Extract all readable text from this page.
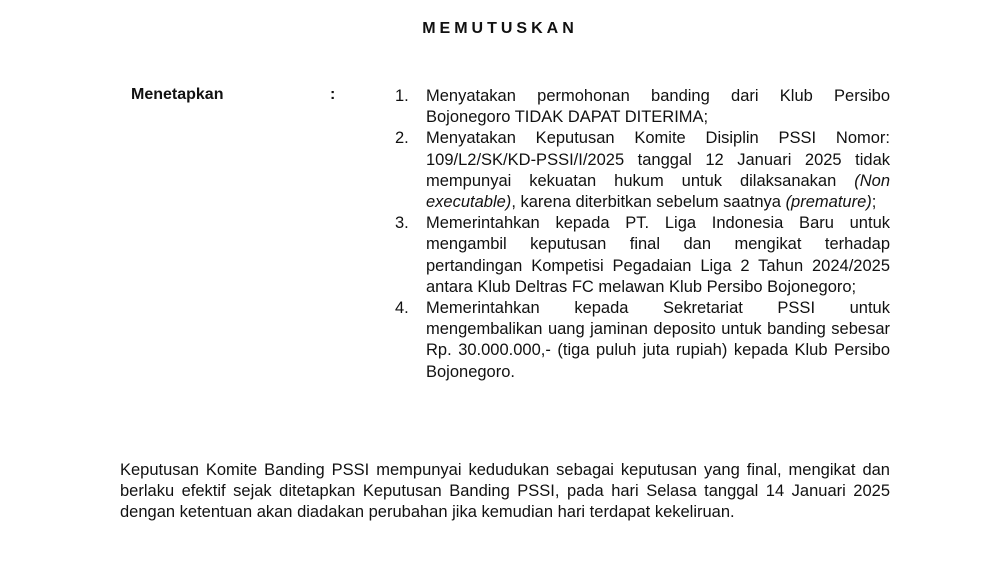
MEMUTUSKAN
Menetapkan	:	1. Menyatakan permohonan banding dari Klub Persibo Bojonegoro TIDAK DAPAT DITERIMA;
2. Menyatakan Keputusan Komite Disiplin PSSI Nomor: 109/L2/SK/KD-PSSI/I/2025 tanggal 12 Januari 2025 tidak mempunyai kekuatan hukum untuk dilaksanakan (Non executable), karena diterbitkan sebelum saatnya (premature);
3. Memerintahkan kepada PT. Liga Indonesia Baru untuk mengambil keputusan final dan mengikat terhadap pertandingan Kompetisi Pegadaian Liga 2 Tahun 2024/2025 antara Klub Deltras FC melawan Klub Persibo Bojonegoro;
4. Memerintahkan kepada Sekretariat PSSI untuk mengembalikan uang jaminan deposito untuk banding sebesar Rp. 30.000.000,- (tiga puluh juta rupiah) kepada Klub Persibo Bojonegoro.

Keputusan Komite Banding PSSI mempunyai kedudukan sebagai keputusan yang final, mengikat dan berlaku efektif sejak ditetapkan Keputusan Banding PSSI, pada hari Selasa tanggal 14 Januari 2025 dengan ketentuan akan diadakan perubahan jika kemudian hari terdapat kekeliruan.
